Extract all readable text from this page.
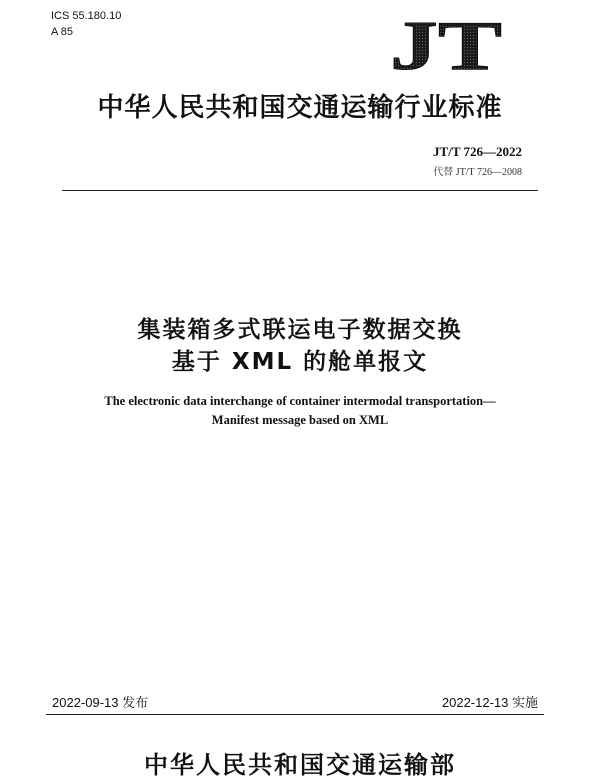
ICS 55.180.10
A 85	JT
中华人民共和国交通运输行业标准
JT/T 726—2022
代替 JT/T 726—2008
集装箱多式联运电子数据交换
基于 XML 的舱单报文
The electronic data interchange of container intermodal transportation—
Manifest message based on XML
2022-09-13 发布	2022-12-13 实施
中华人民共和国交通运输部
